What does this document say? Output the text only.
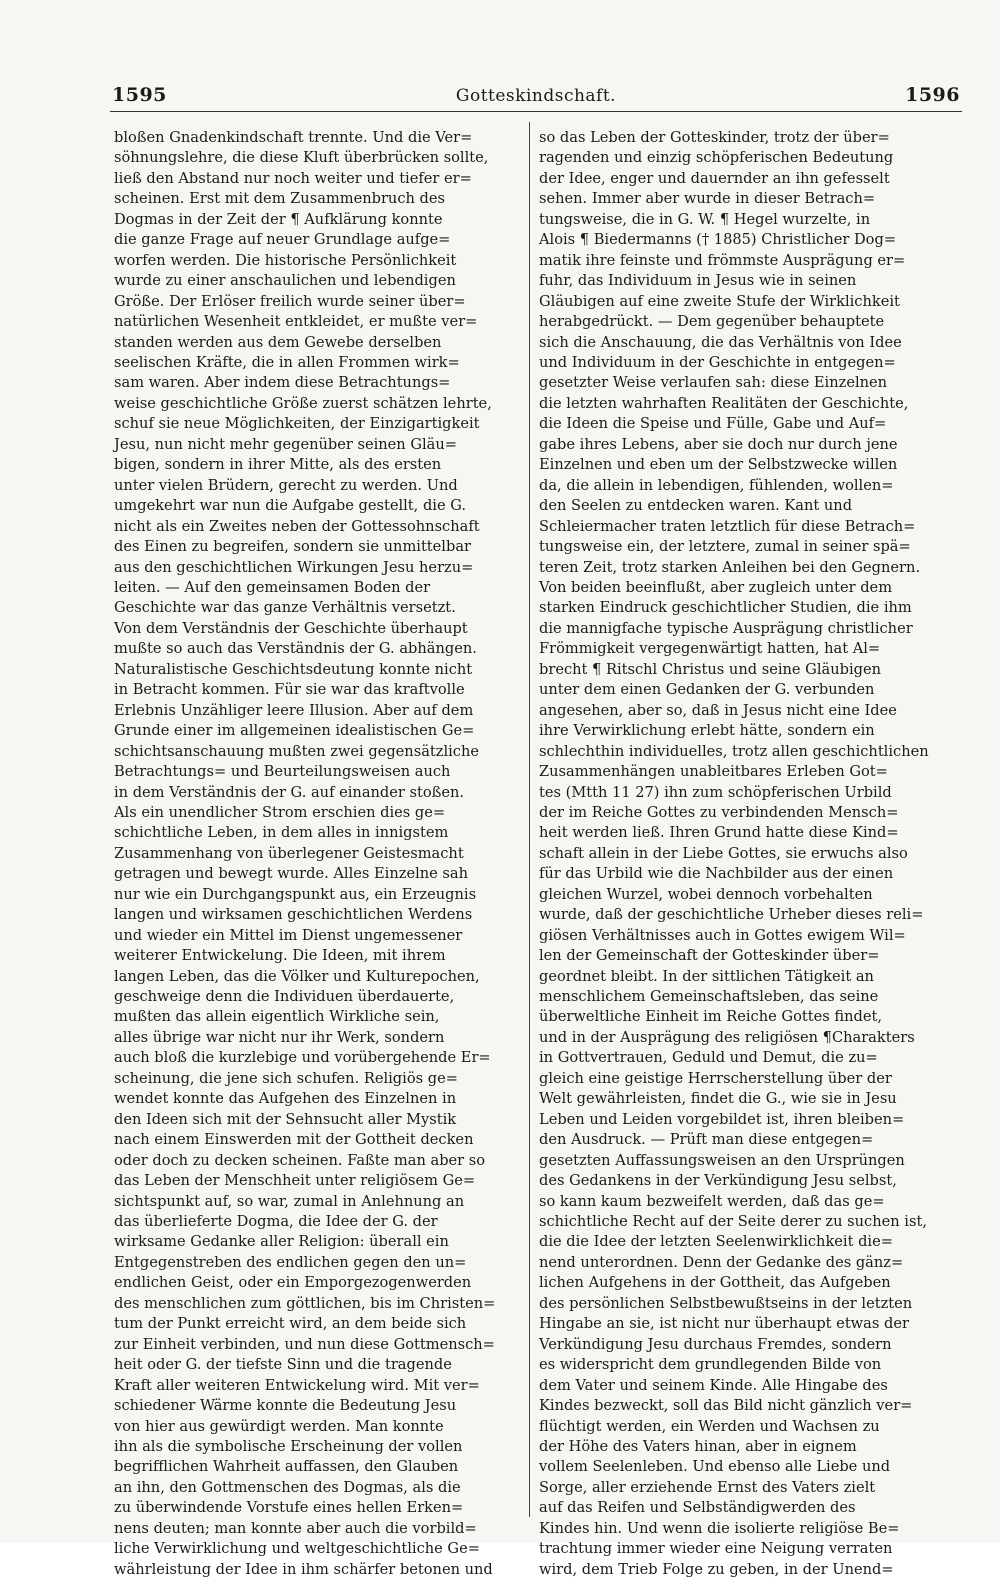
1595	Gotteskindschaft.	1596

bloßen Gnadenkindschaft trennte. Und die Ver=
söhnungslehre, die diese Kluft überbrücken sollte,
ließ den Abstand nur noch weiter und tiefer er=
scheinen. Erst mit dem Zusammenbruch des
Dogmas in der Zeit der ¶ Aufklärung konnte
die ganze Frage auf neuer Grundlage aufge=
worfen werden. Die historische Persönlichkeit
wurde zu einer anschaulichen und lebendigen
Größe. Der Erlöser freilich wurde seiner über=
natürlichen Wesenheit entkleidet, er mußte ver=
standen werden aus dem Gewebe derselben
seelischen Kräfte, die in allen Frommen wirk=
sam waren. Aber indem diese Betrachtungs=
weise geschichtliche Größe zuerst schätzen lehrte,
schuf sie neue Möglichkeiten, der Einzigartigkeit
Jesu, nun nicht mehr gegenüber seinen Gläu=
bigen, sondern in ihrer Mitte, als des ersten
unter vielen Brüdern, gerecht zu werden. Und
umgekehrt war nun die Aufgabe gestellt, die G.
nicht als ein Zweites neben der Gottessohnschaft
des Einen zu begreifen, sondern sie unmittelbar
aus den geschichtlichen Wirkungen Jesu herzu=
leiten. — Auf den gemeinsamen Boden der
Geschichte war das ganze Verhältnis versetzt.
Von dem Verständnis der Geschichte überhaupt
mußte so auch das Verständnis der G. abhängen.
Naturalistische Geschichtsdeutung konnte nicht
in Betracht kommen. Für sie war das kraftvolle
Erlebnis Unzähliger leere Illusion. Aber auf dem
Grunde einer im allgemeinen idealistischen Ge=
schichtsanschauung mußten zwei gegensätzliche
Betrachtungs= und Beurteilungsweisen auch
in dem Verständnis der G. auf einander stoßen.
Als ein unendlicher Strom erschien dies ge=
schichtliche Leben, in dem alles in innigstem
Zusammenhang von überlegener Geistesmacht
getragen und bewegt wurde. Alles Einzelne sah
nur wie ein Durchgangspunkt aus, ein Erzeugnis
langen und wirksamen geschichtlichen Werdens
und wieder ein Mittel im Dienst ungemessener
weiterer Entwickelung. Die Ideen, mit ihrem
langen Leben, das die Völker und Kulturepochen,
geschweige denn die Individuen überdauerte,
mußten das allein eigentlich Wirkliche sein,
alles übrige war nicht nur ihr Werk, sondern
auch bloß die kurzlebige und vorübergehende Er=
scheinung, die jene sich schufen. Religiös ge=
wendet konnte das Aufgehen des Einzelnen in
den Ideen sich mit der Sehnsucht aller Mystik
nach einem Einswerden mit der Gottheit decken
oder doch zu decken scheinen. Faßte man aber so
das Leben der Menschheit unter religiösem Ge=
sichtspunkt auf, so war, zumal in Anlehnung an
das überlieferte Dogma, die Idee der G. der
wirksame Gedanke aller Religion: überall ein
Entgegenstreben des endlichen gegen den un=
endlichen Geist, oder ein Emporgezogenwerden
des menschlichen zum göttlichen, bis im Christen=
tum der Punkt erreicht wird, an dem beide sich
zur Einheit verbinden, und nun diese Gottmensch=
heit oder G. der tiefste Sinn und die tragende
Kraft aller weiteren Entwickelung wird. Mit ver=
schiedener Wärme konnte die Bedeutung Jesu
von hier aus gewürdigt werden. Man konnte
ihn als die symbolische Erscheinung der vollen
begrifflichen Wahrheit auffassen, den Glauben
an ihn, den Gottmenschen des Dogmas, als die
zu überwindende Vorstufe eines hellen Erken=
nens deuten; man konnte aber auch die vorbild=
liche Verwirklichung und weltgeschichtliche Ge=
währleistung der Idee in ihm schärfer betonen und

so das Leben der Gotteskinder, trotz der über=
ragenden und einzig schöpferischen Bedeutung
der Idee, enger und dauernder an ihn gefesselt
sehen. Immer aber wurde in dieser Betrach=
tungsweise, die in G. W. ¶ Hegel wurzelte, in
Alois ¶ Biedermanns († 1885) Christlicher Dog=
matik ihre feinste und frömmste Ausprägung er=
fuhr, das Individuum in Jesus wie in seinen
Gläubigen auf eine zweite Stufe der Wirklichkeit
herabgedrückt. — Dem gegenüber behauptete
sich die Anschauung, die das Verhältnis von Idee
und Individuum in der Geschichte in entgegen=
gesetzter Weise verlaufen sah: diese Einzelnen
die letzten wahrhaften Realitäten der Geschichte,
die Ideen die Speise und Fülle, Gabe und Auf=
gabe ihres Lebens, aber sie doch nur durch jene
Einzelnen und eben um der Selbstzwecke willen
da, die allein in lebendigen, fühlenden, wollen=
den Seelen zu entdecken waren. Kant und
Schleiermacher traten letztlich für diese Betrach=
tungsweise ein, der letztere, zumal in seiner spä=
teren Zeit, trotz starken Anleihen bei den Gegnern.
Von beiden beeinflußt, aber zugleich unter dem
starken Eindruck geschichtlicher Studien, die ihm
die mannigfache typische Ausprägung christlicher
Frömmigkeit vergegenwärtigt hatten, hat Al=
brecht ¶ Ritschl Christus und seine Gläubigen
unter dem einen Gedanken der G. verbunden
angesehen, aber so, daß in Jesus nicht eine Idee
ihre Verwirklichung erlebt hätte, sondern ein
schlechthin individuelles, trotz allen geschichtlichen
Zusammenhängen unableitbares Erleben Got=
tes (Mtth 11 27) ihn zum schöpferischen Urbild
der im Reiche Gottes zu verbindenden Mensch=
heit werden ließ. Ihren Grund hatte diese Kind=
schaft allein in der Liebe Gottes, sie erwuchs also
für das Urbild wie die Nachbilder aus der einen
gleichen Wurzel, wobei dennoch vorbehalten
wurde, daß der geschichtliche Urheber dieses reli=
giösen Verhältnisses auch in Gottes ewigem Wil=
len der Gemeinschaft der Gotteskinder über=
geordnet bleibt. In der sittlichen Tätigkeit an
menschlichem Gemeinschaftsleben, das seine
überweltliche Einheit im Reiche Gottes findet,
und in der Ausprägung des religiösen ¶Charakters
in Gottvertrauen, Geduld und Demut, die zu=
gleich eine geistige Herrscherstellung über der
Welt gewährleisten, findet die G., wie sie in Jesu
Leben und Leiden vorgebildet ist, ihren bleiben=
den Ausdruck. — Prüft man diese entgegen=
gesetzten Auffassungsweisen an den Ursprüngen
des Gedankens in der Verkündigung Jesu selbst,
so kann kaum bezweifelt werden, daß das ge=
schichtliche Recht auf der Seite derer zu suchen ist,
die die Idee der letzten Seelenwirklichkeit die=
nend unterordnen. Denn der Gedanke des gänz=
lichen Aufgehens in der Gottheit, das Aufgeben
des persönlichen Selbstbewußtseins in der letzten
Hingabe an sie, ist nicht nur überhaupt etwas der
Verkündigung Jesu durchaus Fremdes, sondern
es widerspricht dem grundlegenden Bilde von
dem Vater und seinem Kinde. Alle Hingabe des
Kindes bezweckt, soll das Bild nicht gänzlich ver=
flüchtigt werden, ein Werden und Wachsen zu
der Höhe des Vaters hinan, aber in eignem
vollem Seelenleben. Und ebenso alle Liebe und
Sorge, aller erziehende Ernst des Vaters zielt
auf das Reifen und Selbständigwerden des
Kindes hin. Und wenn die isolierte religiöse Be=
trachtung immer wieder eine Neigung verraten
wird, dem Trieb Folge zu geben, in der Unend=
